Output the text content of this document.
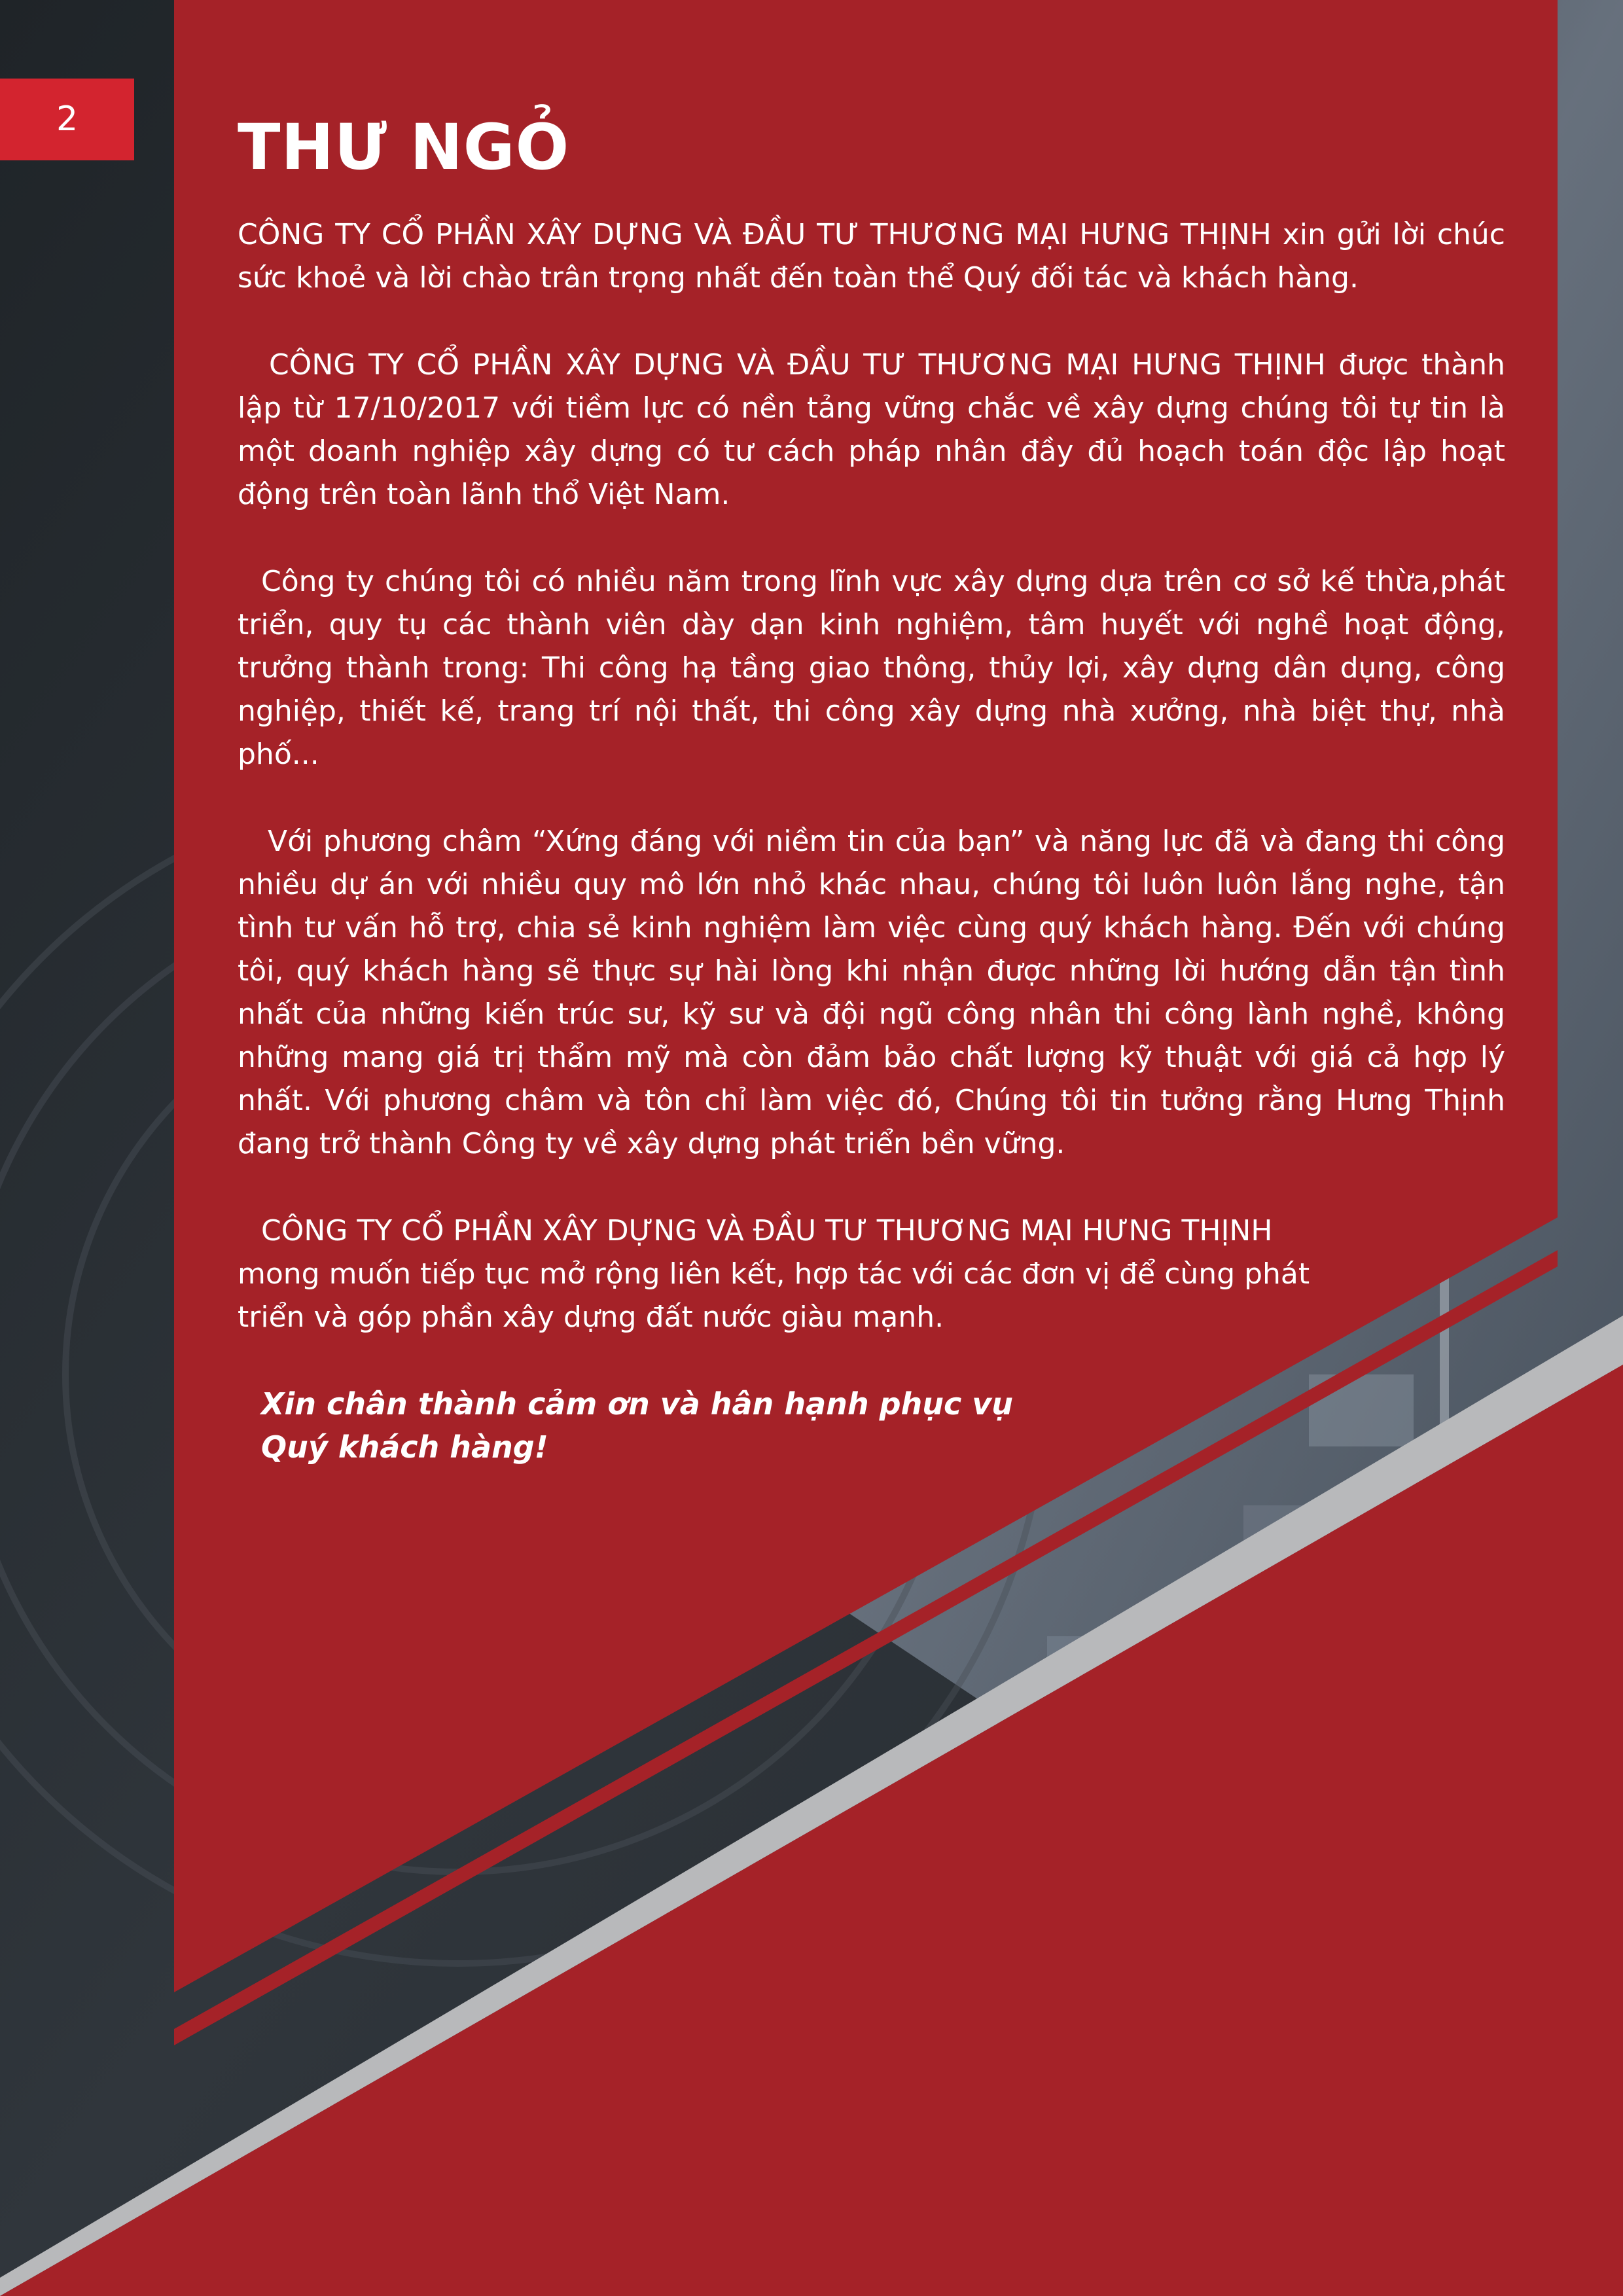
2	THƯ NGỎ

CÔNG TY CỔ PHẦN XÂY DỰNG VÀ ĐẦU TƯ THƯƠNG MẠI HƯNG THỊNH xin gửi lời chúc sức khoẻ và lời chào trân trọng nhất đến toàn thể Quý đối tác và khách hàng.

CÔNG TY CỔ PHẦN XÂY DỰNG VÀ ĐẦU TƯ THƯƠNG MẠI HƯNG THỊNH được thành lập từ 17/10/2017 với tiềm lực có nền tảng vững chắc về xây dựng chúng tôi tự tin là một doanh nghiệp xây dựng có tư cách pháp nhân đầy đủ hoạch toán độc lập hoạt động trên toàn lãnh thổ Việt Nam.

Công ty chúng tôi có nhiều năm trong lĩnh vực xây dựng dựa trên cơ sở kế thừa,phát triển, quy tụ các thành viên dày dạn kinh nghiệm, tâm huyết với nghề hoạt động, trưởng thành trong: Thi công hạ tầng giao thông, thủy lợi, xây dựng dân dụng, công nghiệp, thiết kế, trang trí nội thất, thi công xây dựng nhà xưởng, nhà biệt thự, nhà phố...

Với phương châm “Xứng đáng với niềm tin của bạn” và năng lực đã và đang thi công nhiều dự án với nhiều quy mô lớn nhỏ khác nhau, chúng tôi luôn luôn lắng nghe, tận tình tư vấn hỗ trợ, chia sẻ kinh nghiệm làm việc cùng quý khách hàng. Đến với chúng tôi, quý khách hàng sẽ thực sự hài lòng khi nhận được những lời hướng dẫn tận tình nhất của những kiến trúc sư, kỹ sư và đội ngũ công nhân thi công lành nghề, không những mang giá trị thẩm mỹ mà còn đảm bảo chất lượng kỹ thuật với giá cả hợp lý nhất. Với phương châm và tôn chỉ làm việc đó, Chúng tôi tin tưởng rằng Hưng Thịnh đang trở thành Công ty về xây dựng phát triển bền vững.

CÔNG TY CỔ PHẦN XÂY DỰNG VÀ ĐẦU TƯ THƯƠNG MẠI HƯNG THỊNH mong muốn tiếp tục mở rộng liên kết, hợp tác với các đơn vị để cùng phát triển và góp phần xây dựng đất nước giàu mạnh.

Xin chân thành cảm ơn và hân hạnh phục vụ
Quý khách hàng!
